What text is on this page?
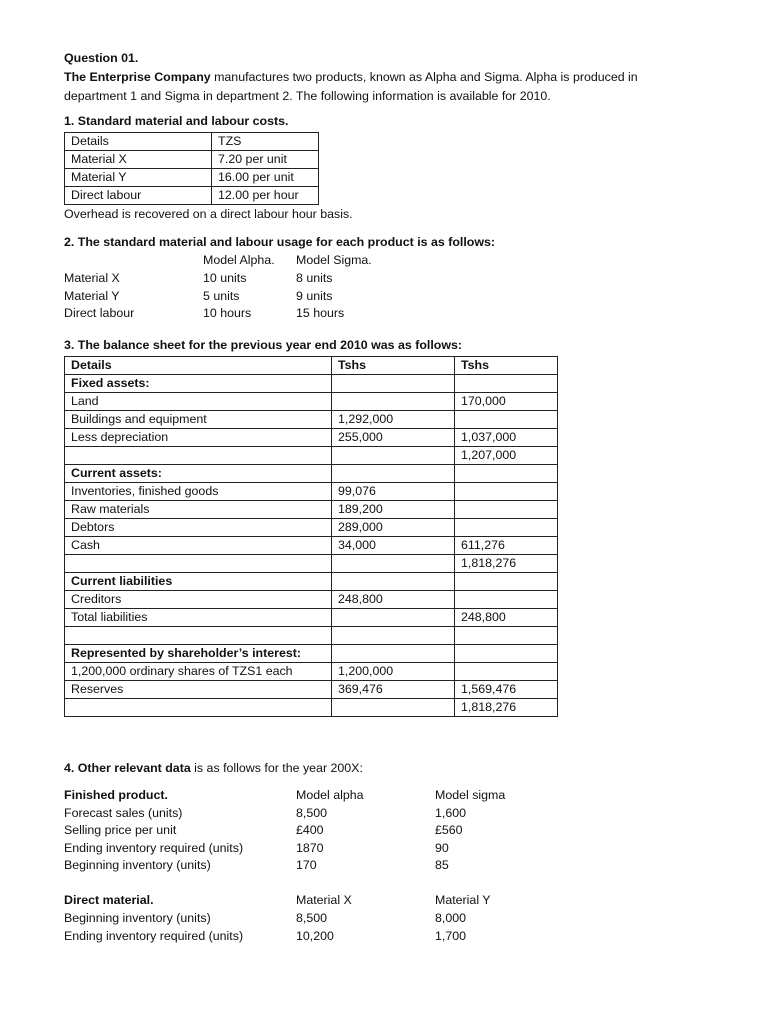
Question 01.

The Enterprise Company manufactures two products, known as Alpha and Sigma. Alpha is produced in

department 1 and Sigma in department 2. The following information is available for 2010.

1. Standard material and labour costs.
Details	TZS
Material X	7.20 per unit
Material Y	16.00 per unit
Direct labour	12.00 per hour
Overhead is recovered on a direct labour hour basis.
2. The standard material and labour usage for each product is as follows:
Model Alpha. Model Sigma.
Material X	10 units	8 units
Material Y	5 units	9 units
Direct labour	10 hours	15 hours
3. The balance sheet for the previous year end 2010 was as follows:
Details	Tshs	Tshs
Fixed assets:		
Land		170,000
Buildings and equipment	1,292,000	
Less depreciation	255,000	1,037,000
		1,207,000
Current assets:		
Inventories, finished goods	99,076	
Raw materials	189,200	
Debtors	289,000	
Cash	34,000	611,276
		1,818,276
Current liabilities		
Creditors	248,800	
Total liabilities		248,800

Represented by shareholder’s interest:		
1,200,000 ordinary shares of TZS1 each	1,200,000	
Reserves	369,476	1,569,476
		1,818,276
4. Other relevant data is as follows for the year 200X:
Finished product.	Model alpha	Model sigma
Forecast sales (units)	8,500	1,600
Selling price per unit	£400	£560
Ending inventory required (units)	1870	90
Beginning inventory (units)	170	85
Direct material.	Material X	Material Y
Beginning inventory (units)	8,500	8,000
Ending inventory required (units)	10,200	1,700
